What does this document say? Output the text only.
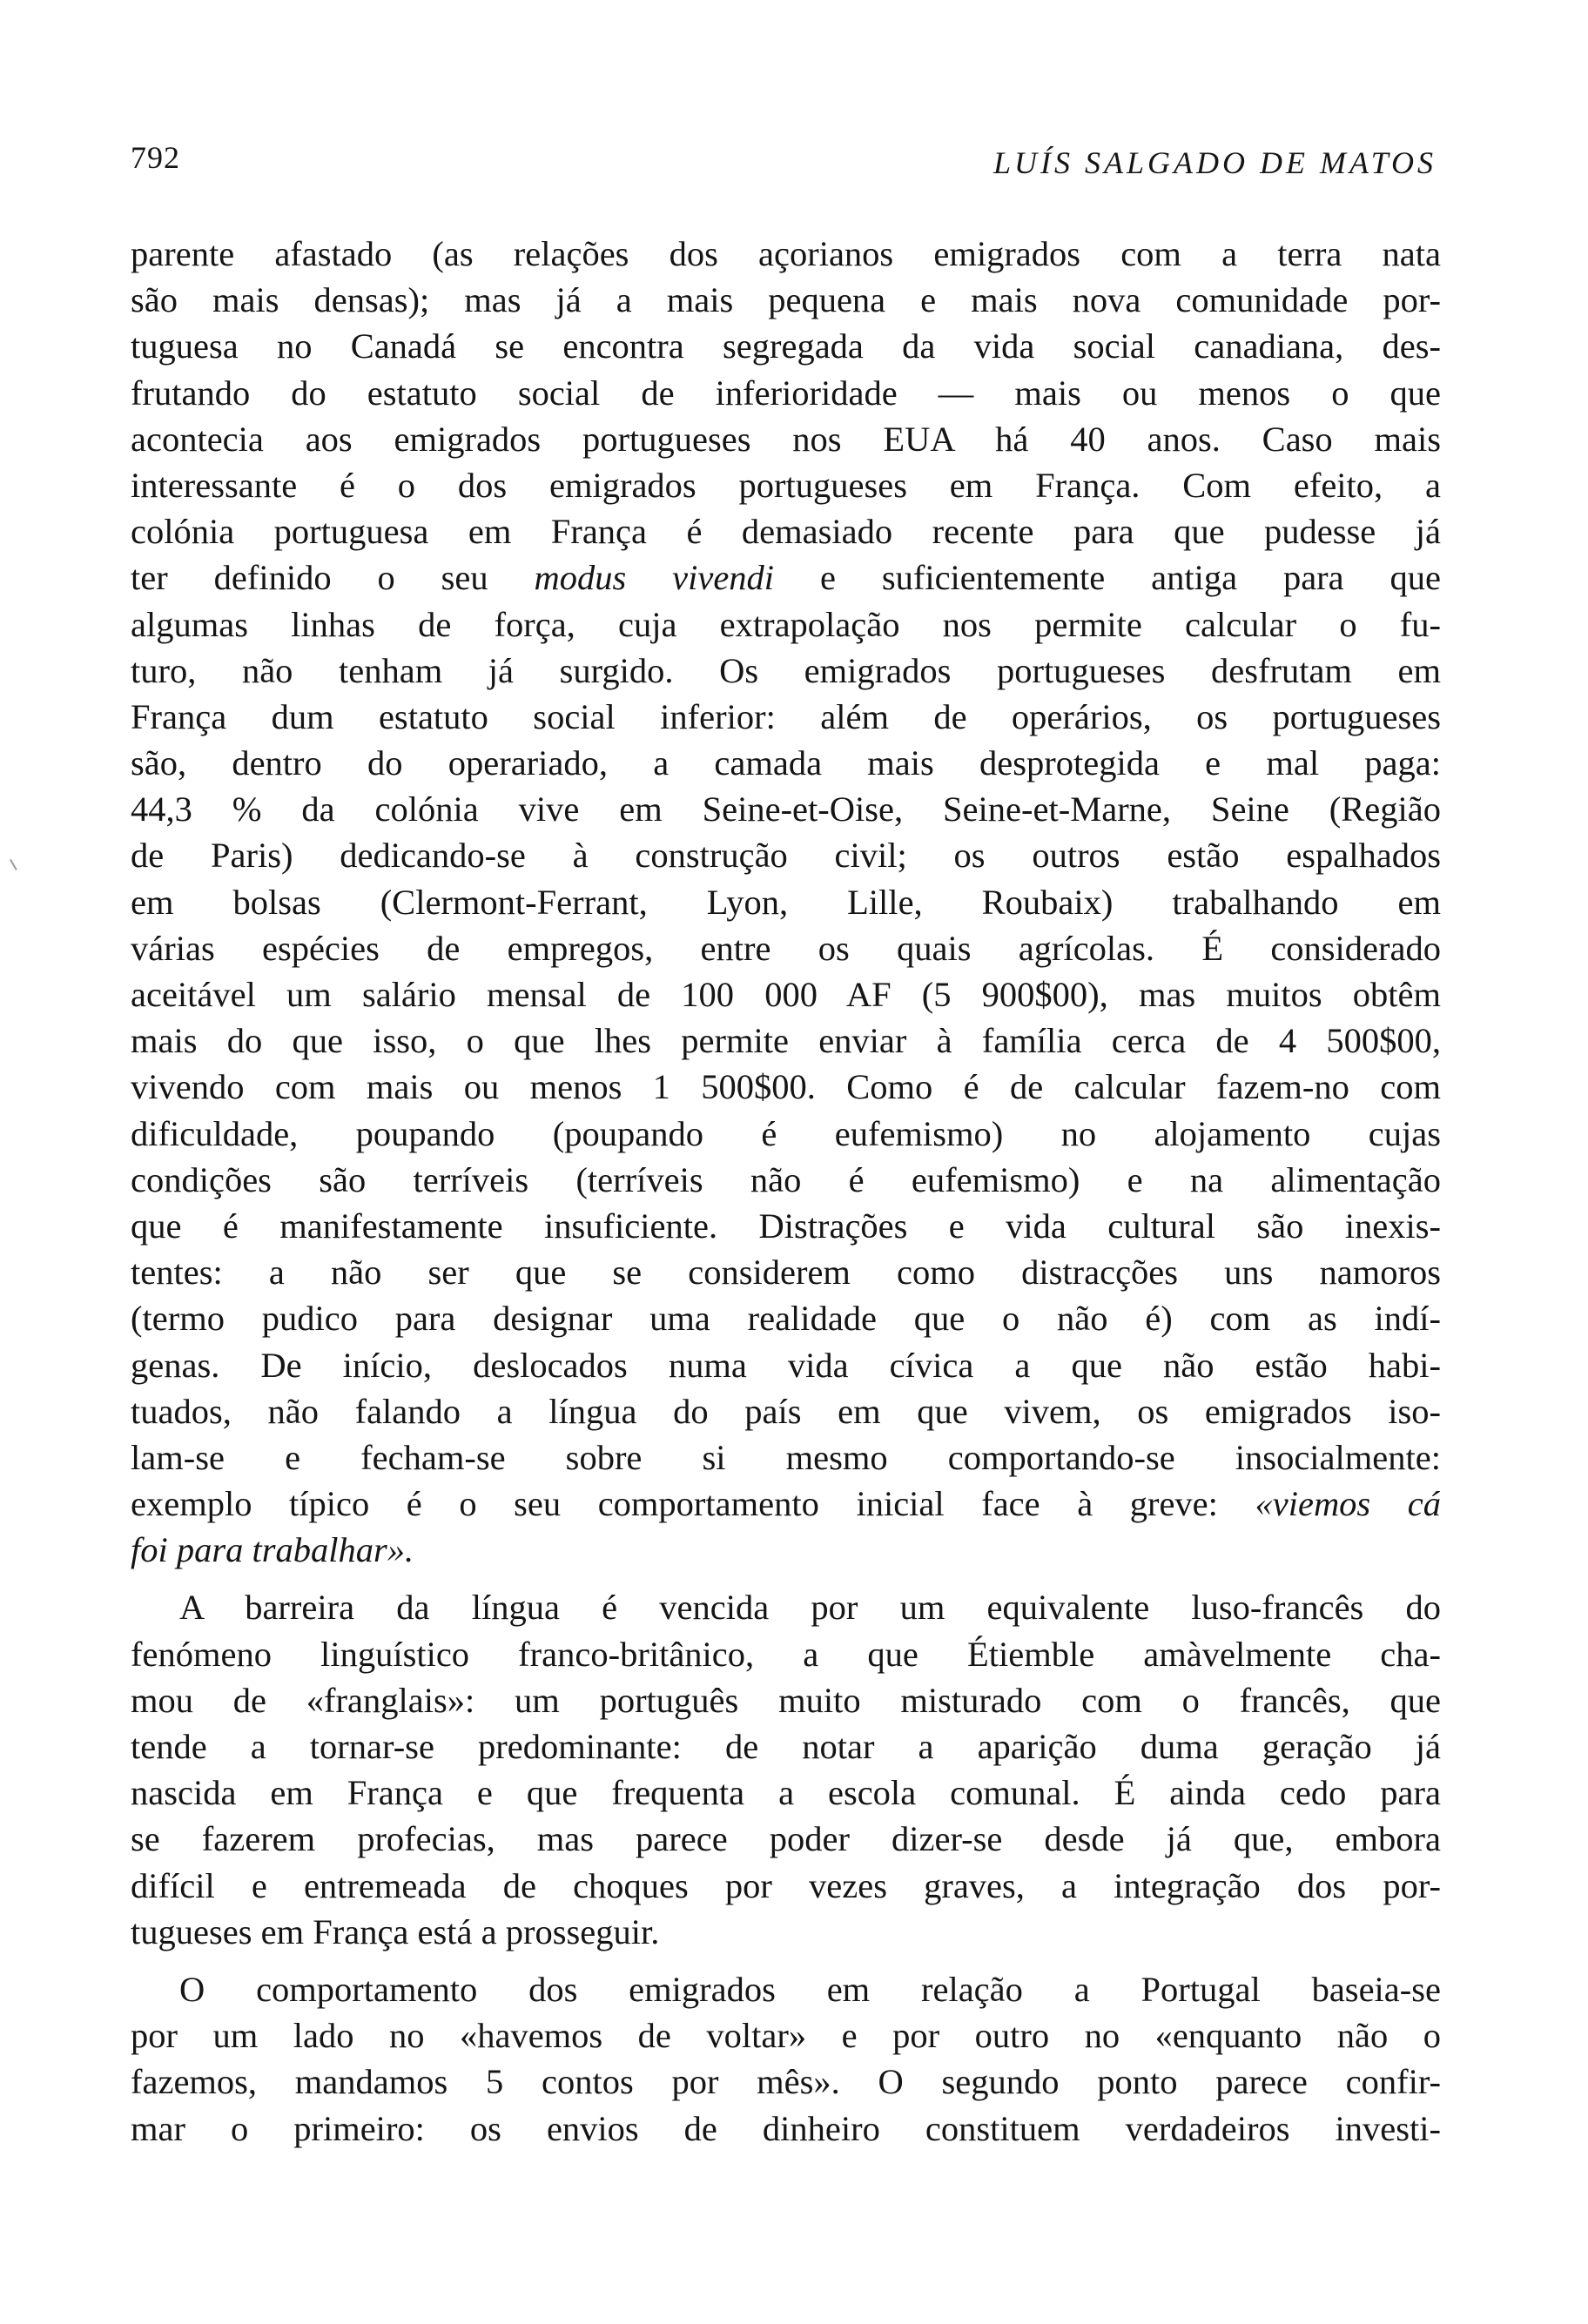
792	LUÍS SALGADO DE MATOS
parente afastado (as relações dos açorianos emigrados com a terra nata
são mais densas); mas já a mais pequena e mais nova comunidade por-
tuguesa no Canadá se encontra segregada da vida social canadiana, des-
frutando do estatuto social de inferioridade — mais ou menos o que
acontecia aos emigrados portugueses nos EUA há 40 anos. Caso mais
interessante é o dos emigrados portugueses em França. Com efeito, a
colónia portuguesa em França é demasiado recente para que pudesse já
ter definido o seu modus vivendi e suficientemente antiga para que
algumas linhas de força, cuja extrapolação nos permite calcular o fu-
turo, não tenham já surgido. Os emigrados portugueses desfrutam em
França dum estatuto social inferior: além de operários, os portugueses
são, dentro do operariado, a camada mais desprotegida e mal paga:
44,3 % da colónia vive em Seine-et-Oise, Seine-et-Marne, Seine (Região
de Paris) dedicando-se à construção civil; os outros estão espalhados
em bolsas (Clermont-Ferrant, Lyon, Lille, Roubaix) trabalhando em
várias espécies de empregos, entre os quais agrícolas. É considerado
aceitável um salário mensal de 100 000 AF (5 900$00), mas muitos obtêm
mais do que isso, o que lhes permite enviar à família cerca de 4 500$00,
vivendo com mais ou menos 1 500$00. Como é de calcular fazem-no com
dificuldade, poupando (poupando é eufemismo) no alojamento cujas
condições são terríveis (terríveis não é eufemismo) e na alimentação
que é manifestamente insuficiente. Distrações e vida cultural são inexis-
tentes: a não ser que se considerem como distracções uns namoros
(termo pudico para designar uma realidade que o não é) com as indí-
genas. De início, deslocados numa vida cívica a que não estão habi-
tuados, não falando a língua do país em que vivem, os emigrados iso-
lam-se e fecham-se sobre si mesmo comportando-se insocialmente:
exemplo típico é o seu comportamento inicial face à greve: «viemos cá
foi para trabalhar».
A barreira da língua é vencida por um equivalente luso-francês do
fenómeno linguístico franco-britânico, a que Étiemble amàvelmente cha-
mou de «franglais»: um português muito misturado com o francês, que
tende a tornar-se predominante: de notar a aparição duma geração já
nascida em França e que frequenta a escola comunal. É ainda cedo para
se fazerem profecias, mas parece poder dizer-se desde já que, embora
difícil e entremeada de choques por vezes graves, a integração dos por-
tugueses em França está a prosseguir.
O comportamento dos emigrados em relação a Portugal baseia-se
por um lado no «havemos de voltar» e por outro no «enquanto não o
fazemos, mandamos 5 contos por mês». O segundo ponto parece confir-
mar o primeiro: os envios de dinheiro constituem verdadeiros investi-
